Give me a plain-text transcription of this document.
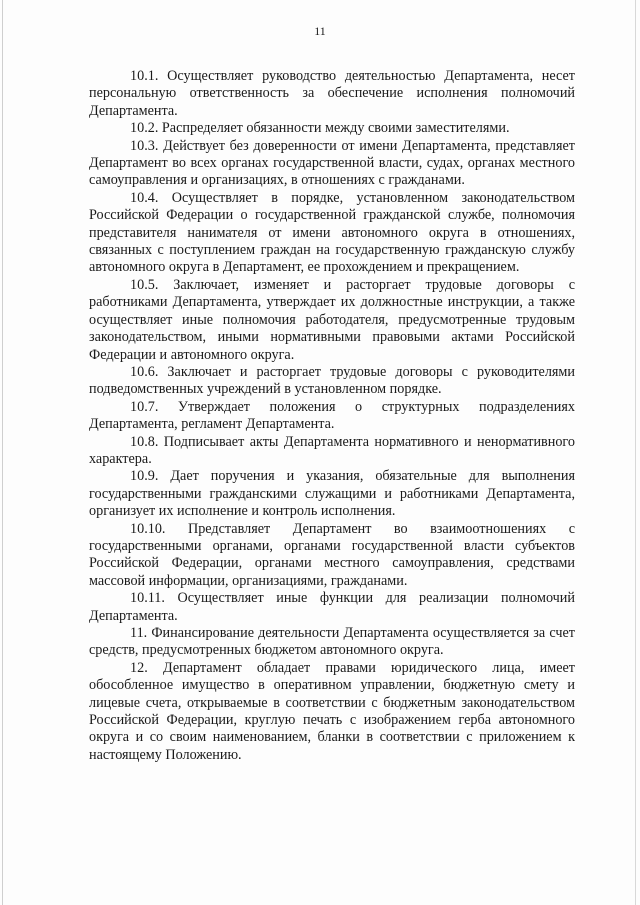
11

10.1. Осуществляет руководство деятельностью Департамента, несет персональную ответственность за обеспечение исполнения полномочий Департамента.

10.2. Распределяет обязанности между своими заместителями.

10.3. Действует без доверенности от имени Департамента, представляет Департамент во всех органах государственной власти, судах, органах местного самоуправления и организациях, в отношениях с гражданами.

10.4. Осуществляет в порядке, установленном законодательством Российской Федерации о государственной гражданской службе, полномочия представителя нанимателя от имени автономного округа в отношениях, связанных с поступлением граждан на государственную гражданскую службу автономного округа в Департамент, ее прохождением и прекращением.

10.5. Заключает, изменяет и расторгает трудовые договоры с работниками Департамента, утверждает их должностные инструкции, а также осуществляет иные полномочия работодателя, предусмотренные трудовым законодательством, иными нормативными правовыми актами Российской Федерации и автономного округа.

10.6. Заключает и расторгает трудовые договоры с руководителями подведомственных учреждений в установленном порядке.

10.7. Утверждает положения о структурных подразделениях Департамента, регламент Департамента.

10.8. Подписывает акты Департамента нормативного и ненормативного характера.

10.9. Дает поручения и указания, обязательные для выполнения государственными гражданскими служащими и работниками Департамента, организует их исполнение и контроль исполнения.

10.10. Представляет Департамент во взаимоотношениях с государственными органами, органами государственной власти субъектов Российской Федерации, органами местного самоуправления, средствами массовой информации, организациями, гражданами.

10.11. Осуществляет иные функции для реализации полномочий Департамента.

11. Финансирование деятельности Департамента осуществляется за счет средств, предусмотренных бюджетом автономного округа.

12. Департамент обладает правами юридического лица, имеет обособленное имущество в оперативном управлении, бюджетную смету и лицевые счета, открываемые в соответствии с бюджетным законодательством Российской Федерации, круглую печать с изображением герба автономного округа и со своим наименованием, бланки в соответствии с приложением к настоящему Положению.
